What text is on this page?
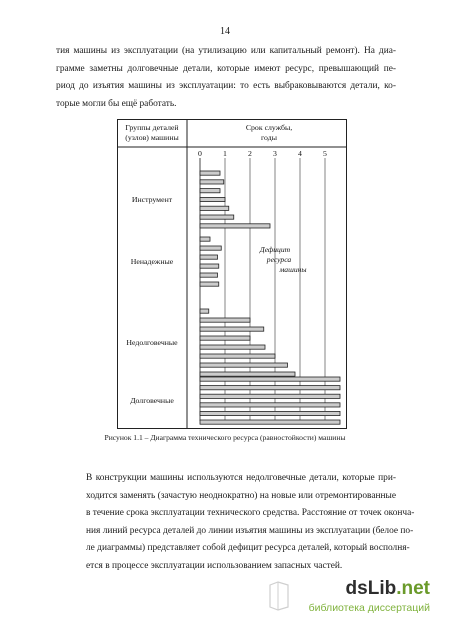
14
тия машины из эксплуатации (на утилизацию или капитальный ремонт). На диа-
грамме заметны долговечные детали, которые имеют ресурс, превышающий пе-
риод до изъятия машины из эксплуатации: то есть выбраковываются детали, ко-
торые могли бы ещё работать.
Группы деталей
(узлов) машины
Срок службы,
годы
0	1	2	3	4	5
Инструмент
Ненадежные
Недолговечные
Долговечные
Дефицит
ресурса
машины
Рисунок 1.1 – Диаграмма технического ресурса (равностойкости) машины
В конструкции машины используются недолговечные детали, которые при-
ходится заменять (зачастую неоднократно) на новые или отремонтированные
в течение срока эксплуатации технического средства. Расстояние от точек оконча-
ния линий ресурса деталей до линии изъятия машины из эксплуатации (белое по-
ле диаграммы) представляет собой дефицит ресурса деталей, который восполня-
ется в процессе эксплуатации использованием запасных частей.
dsLib.net
библиотека диссертаций
